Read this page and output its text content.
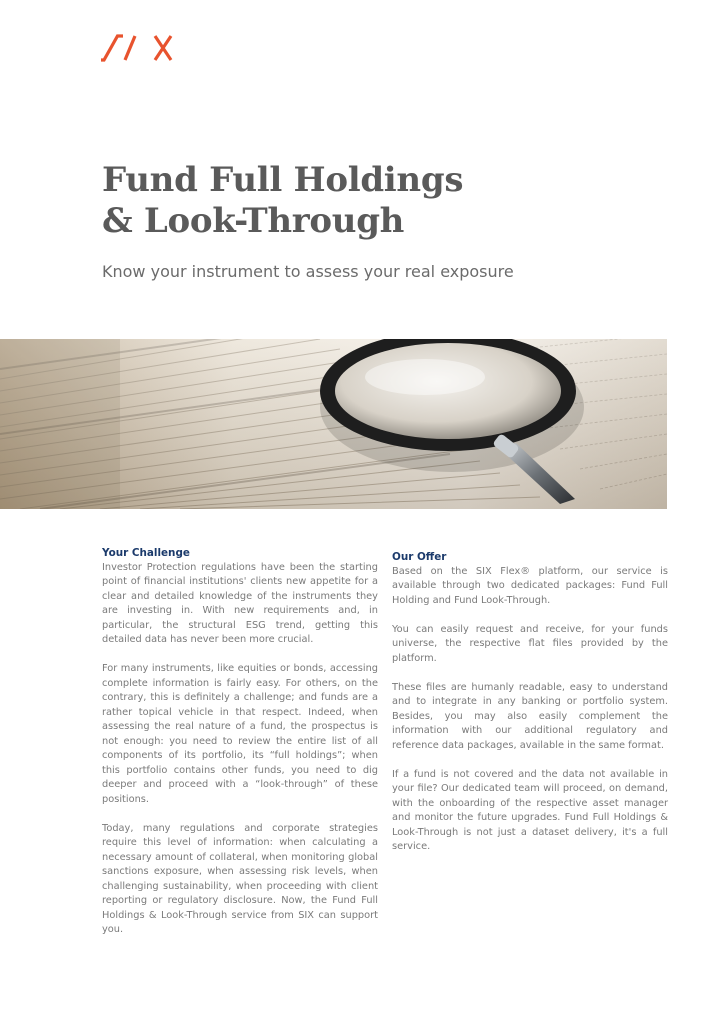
Fund Full Holdings
& Look-Through

Know your instrument to assess your real exposure

Your Challenge

Investor Protection regulations have been the starting point of financial institutions' clients new appetite for a clear and detailed knowledge of the instruments they are investing in. With new requirements and, in particular, the structural ESG trend, getting this detailed data has never been more crucial.

For many instruments, like equities or bonds, accessing complete information is fairly easy. For others, on the contrary, this is definitely a challenge; and funds are a rather topical vehicle in that respect. Indeed, when assessing the real nature of a fund, the prospectus is not enough: you need to review the entire list of all components of its portfolio, its “full holdings”; when this portfolio contains other funds, you need to dig deeper and proceed with a “look-through” of these positions.

Today, many regulations and corporate strategies require this level of information: when calculating a necessary amount of collateral, when monitoring global sanctions exposure, when assessing risk levels, when challenging sustainability, when proceeding with client reporting or regulatory disclosure. Now, the Fund Full Holdings & Look-Through service from SIX can support you.

Our Offer

Based on the SIX Flex® platform, our service is available through two dedicated packages: Fund Full Holding and Fund Look-Through.

You can easily request and receive, for your funds universe, the respective flat files provided by the platform.

These files are humanly readable, easy to understand and to integrate in any banking or portfolio system. Besides, you may also easily complement the information with our additional regulatory and reference data packages, available in the same format.

If a fund is not covered and the data not available in your file? Our dedicated team will proceed, on demand, with the onboarding of the respective asset manager and monitor the future upgrades. Fund Full Holdings & Look-Through is not just a dataset delivery, it's a full service.
